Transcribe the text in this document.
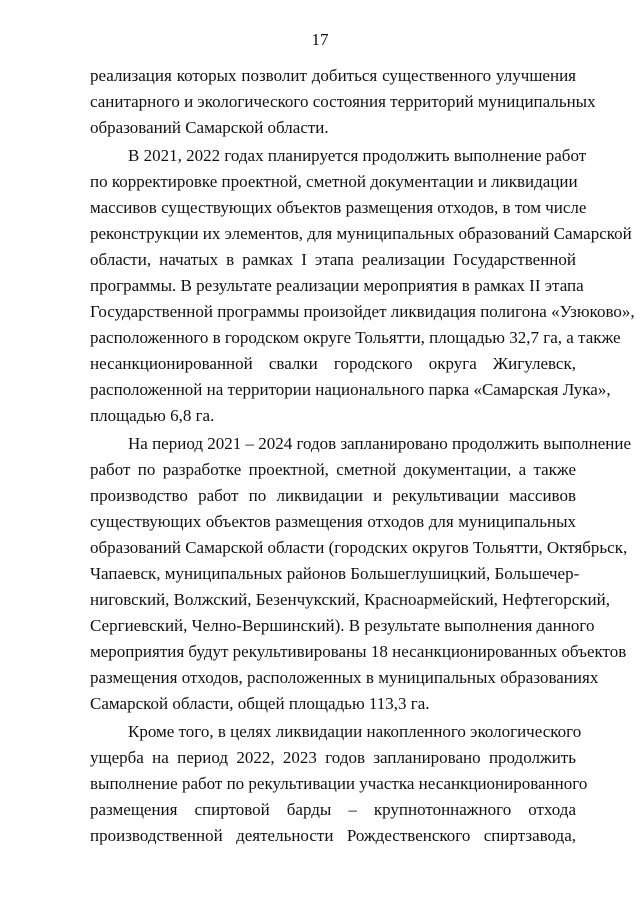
17
реализация которых позволит добиться существенного улучшения
санитарного и экологического состояния территорий муниципальных
образований Самарской области.
В 2021, 2022 годах планируется продолжить выполнение работ
по корректировке проектной, сметной документации и ликвидации
массивов существующих объектов размещения отходов, в том числе
реконструкции их элементов, для муниципальных образований Самарской
области, начатых в рамках I этапа реализации Государственной
программы. В результате реализации мероприятия в рамках II этапа
Государственной программы произойдет ликвидация полигона «Узюково»,
расположенного в городском округе Тольятти, площадью 32,7 га, а также
несанкционированной свалки городского округа Жигулевск,
расположенной на территории национального парка «Самарская Лука»,
площадью 6,8 га.
На период 2021 – 2024 годов запланировано продолжить выполнение
работ по разработке проектной, сметной документации, а также
производство работ по ликвидации и рекультивации массивов
существующих объектов размещения отходов для муниципальных
образований Самарской области (городских округов Тольятти, Октябрьск,
Чапаевск, муниципальных районов Большеглушицкий, Большечер-
ниговский, Волжский, Безенчукский, Красноармейский, Нефтегорский,
Сергиевский, Челно-Вершинский). В результате выполнения данного
мероприятия будут рекультивированы 18 несанкционированных объектов
размещения отходов, расположенных в муниципальных образованиях
Самарской области, общей площадью 113,3 га.
Кроме того, в целях ликвидации накопленного экологического
ущерба на период 2022, 2023 годов запланировано продолжить
выполнение работ по рекультивации участка несанкционированного
размещения спиртовой барды – крупнотоннажного отхода
производственной деятельности Рождественского спиртзавода,
